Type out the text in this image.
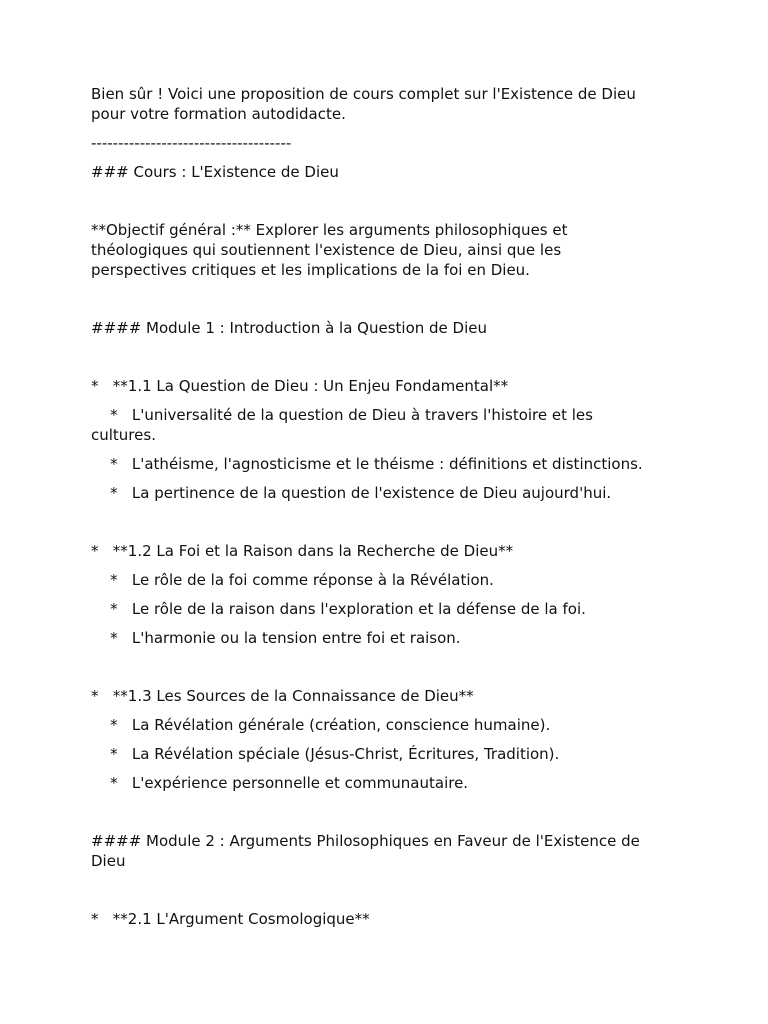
Bien sûr ! Voici une proposition de cours complet sur l'Existence de Dieu

pour votre formation autodidacte.

-------------------------------------

### Cours : L'Existence de Dieu

**Objectif général :** Explorer les arguments philosophiques et

théologiques qui soutiennent l'existence de Dieu, ainsi que les

perspectives critiques et les implications de la foi en Dieu.

#### Module 1 : Introduction à la Question de Dieu

*   **1.1 La Question de Dieu : Un Enjeu Fondamental**

*   L'universalité de la question de Dieu à travers l'histoire et les

cultures.

*   L'athéisme, l'agnosticisme et le théisme : définitions et distinctions.

*   La pertinence de la question de l'existence de Dieu aujourd'hui.

*   **1.2 La Foi et la Raison dans la Recherche de Dieu**

*   Le rôle de la foi comme réponse à la Révélation.

*   Le rôle de la raison dans l'exploration et la défense de la foi.

*   L'harmonie ou la tension entre foi et raison.

*   **1.3 Les Sources de la Connaissance de Dieu**

*   La Révélation générale (création, conscience humaine).

*   La Révélation spéciale (Jésus-Christ, Écritures, Tradition).

*   L'expérience personnelle et communautaire.

#### Module 2 : Arguments Philosophiques en Faveur de l'Existence de

Dieu

*   **2.1 L'Argument Cosmologique**
